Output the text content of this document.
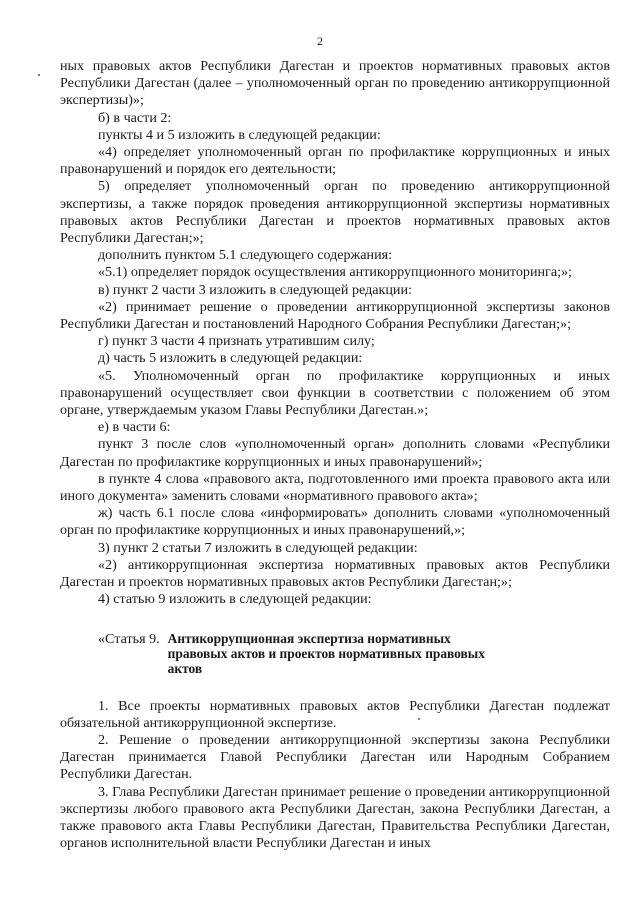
2

ных правовых актов Республики Дагестан и проектов нормативных правовых актов Республики Дагестан (далее – уполномоченный орган по проведению антикоррупционной экспертизы)»;

б) в части 2:

пункты 4 и 5 изложить в следующей редакции:

«4) определяет уполномоченный орган по профилактике коррупционных и иных правонарушений и порядок его деятельности;

5) определяет уполномоченный орган по проведению антикоррупционной экспертизы, а также порядок проведения антикоррупционной экспертизы нормативных правовых актов Республики Дагестан и проектов нормативных правовых актов Республики Дагестан;»;

дополнить пунктом 5.1 следующего содержания:

«5.1) определяет порядок осуществления антикоррупционного мониторинга;»;

в) пункт 2 части 3 изложить в следующей редакции:

«2) принимает решение о проведении антикоррупционной экспертизы законов Республики Дагестан и постановлений Народного Собрания Республики Дагестан;»;

г) пункт 3 части 4 признать утратившим силу;

д) часть 5 изложить в следующей редакции:

«5. Уполномоченный орган по профилактике коррупционных и иных правонарушений осуществляет свои функции в соответствии с положением об этом органе, утверждаемым указом Главы Республики Дагестан.»;

е) в части 6:

пункт 3 после слов «уполномоченный орган» дополнить словами «Республики Дагестан по профилактике коррупционных и иных правонарушений»;

в пункте 4 слова «правового акта, подготовленного ими проекта правового акта или иного документа» заменить словами «нормативного правового акта»;

ж) часть 6.1 после слова «информировать» дополнить словами «уполномоченный орган по профилактике коррупционных и иных правонарушений,»;

3) пункт 2 статьи 7 изложить в следующей редакции:

«2) антикоррупционная экспертиза нормативных правовых актов Республики Дагестан и проектов нормативных правовых актов Республики Дагестан;»;

4) статью 9 изложить в следующей редакции:

«Статья 9. Антикоррупционная экспертиза нормативных правовых актов и проектов нормативных правовых актов

1. Все проекты нормативных правовых актов Республики Дагестан подлежат обязательной антикоррупционной экспертизе.

2. Решение о проведении антикоррупционной экспертизы закона Республики Дагестан принимается Главой Республики Дагестан или Народным Собранием Республики Дагестан.

3. Глава Республики Дагестан принимает решение о проведении антикоррупционной экспертизы любого правового акта Республики Дагестан, закона Республики Дагестан, а также правового акта Главы Республики Дагестан, Правительства Республики Дагестан, органов исполнительной власти Республики Дагестан и иных
